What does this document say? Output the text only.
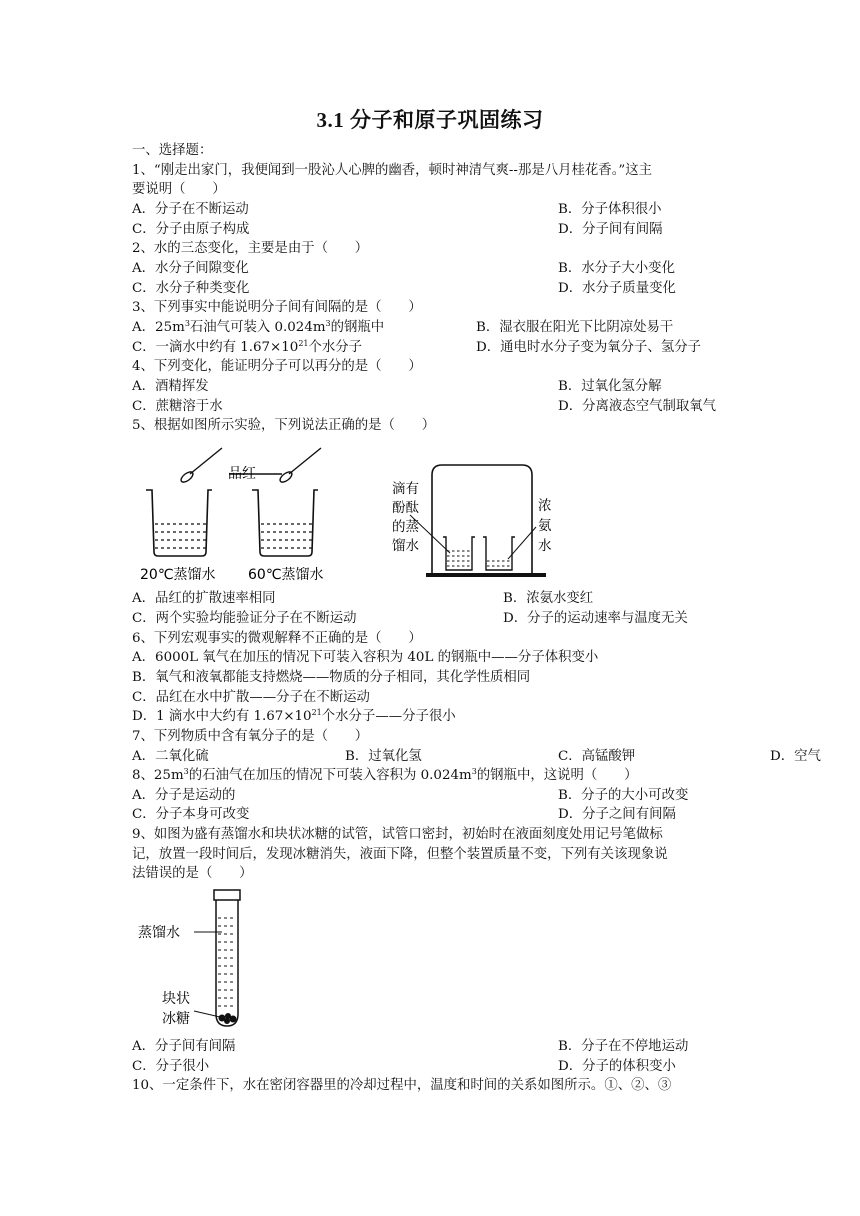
3.1 分子和原子巩固练习
一、选择题：
1、“刚走出家门，我便闻到一股沁人心脾的幽香，顿时神清气爽--那是八月桂花香。”这主
要说明（　　）
A．分子在不断运动	B．分子体积很小
C．分子由原子构成	D．分子间有间隔
2、水的三态变化，主要是由于（　　）
A．水分子间隙变化	B．水分子大小变化
C．水分子种类变化	D．水分子质量变化
3、下列事实中能说明分子间有间隔的是（　　）
A．$25m^3$石油气可装入 $0.024m^3$的钢瓶中	B．湿衣服在阳光下比阴凉处易干
C．一滴水中约有 $1.67\times 10^{21}$个水分子	D．通电时水分子变为氧分子、氢分子
4、下列变化，能证明分子可以再分的是（　　）
A．酒精挥发	B．过氧化氢分解
C．蔗糖溶于水	D．分离液态空气制取氧气
5、根据如图所示实验，下列说法正确的是（　　）
品红
20℃蒸馏水 60℃蒸馏水
滴有 酚酞 的蒸 馏水
浓 氨 水
A．品红的扩散速率相同	B．浓氨水变红
C．两个实验均能验证分子在不断运动	D．分子的运动速率与温度无关
6、下列宏观事实的微观解释不正确的是（　　）
A．6000L 氧气在加压的情况下可装入容积为 40L 的钢瓶中——分子体积变小
B．氧气和液氧都能支持燃烧——物质的分子相同，其化学性质相同
C．品红在水中扩散——分子在不断运动
D．1 滴水中大约有 $1.67\times 10^{21}$个水分子——分子很小
7、下列物质中含有氧分子的是（　　）
A．二氧化硫	B．过氧化氢	C．高锰酸钾	D．空气
8、$25m^3$的石油气在加压的情况下可装入容积为 $0.024m^3$的钢瓶中，这说明（　　）
A．分子是运动的	B．分子的大小可改变
C．分子本身可改变	D．分子之间有间隔
9、如图为盛有蒸馏水和块状冰糖的试管，试管口密封，初始时在液面刻度处用记号笔做标
记，放置一段时间后，发现冰糖消失，液面下降，但整个装置质量不变，下列有关该现象说
法错误的是（　　）
蒸馏水
块状 冰糖
A．分子间有间隔	B．分子在不停地运动
C．分子很小	D．分子的体积变小
10、一定条件下，水在密闭容器里的冷却过程中，温度和时间的关系如图所示。①、②、③
